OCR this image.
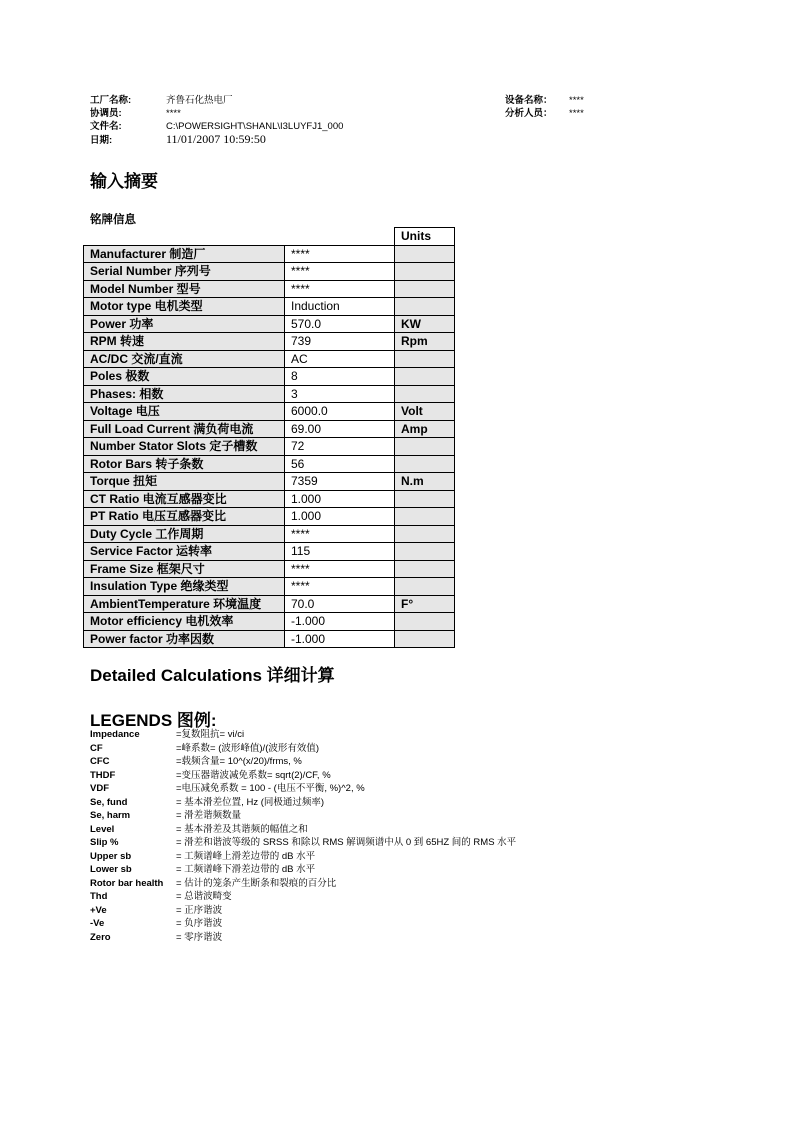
工厂名称:	齐鲁石化热电厂
协调员:	****
文件名:	C:\POWERSIGHT\SHANL\I3LUYFJ1_000
日期:	11/01/2007 10:59:50
设备名称： ****
分析人员： ****
输入摘要
铭牌信息
		Units
Manufacturer 制造厂	****	
Serial Number 序列号	****	
Model Number 型号	****	
Motor type 电机类型	Induction	
Power 功率	570.0	KW
RPM 转速	739	Rpm
AC/DC 交流/直流	AC	
Poles 极数	8	
Phases: 相数	3	
Voltage 电压	6000.0	Volt
Full Load Current 满负荷电流	69.00	Amp
Number Stator Slots 定子槽数	72	
Rotor Bars 转子条数	56	
Torque 扭矩	7359	N.m
CT Ratio 电流互感器变比	1.000	
PT Ratio 电压互感器变比	1.000	
Duty Cycle 工作周期	****	
Service Factor 运转率	115	
Frame Size 框架尺寸	****	
Insulation Type 绝缘类型	****	
AmbientTemperature 环境温度	70.0	F°
Motor efficiency 电机效率	-1.000	
Power factor 功率因数	-1.000	
Detailed Calculations 详细计算
LEGENDS 图例:
Impedance	=复数阻抗= vi/ci
CF	=峰系数= (波形峰值)/(波形有效值)
CFC	=载频含量= 10^(x/20)/frms, %
THDF	=变压器谐波减免系数= sqrt(2)/CF, %
VDF	=电压减免系数 = 100 - (电压不平衡, %)^2, %
Se, fund	= 基本滑差位置, Hz (同极通过频率)
Se, harm	= 滑差谐频数量
Level	= 基本滑差及其谐频的幅值之和
Slip %	= 滑差和谐波等级的 SRSS 和除以 RMS 解调频谱中从 0 到 65HZ 间的 RMS 水平
Upper sb	= 工频谱峰上滑差边带的 dB 水平
Lower sb	= 工频谱峰下滑差边带的 dB 水平
Rotor bar health	= 估计的笼条产生断条和裂痕的百分比
Thd	= 总谐波畸变
+Ve	= 正序谐波
-Ve	= 负序谐波
Zero	= 零序谐波
